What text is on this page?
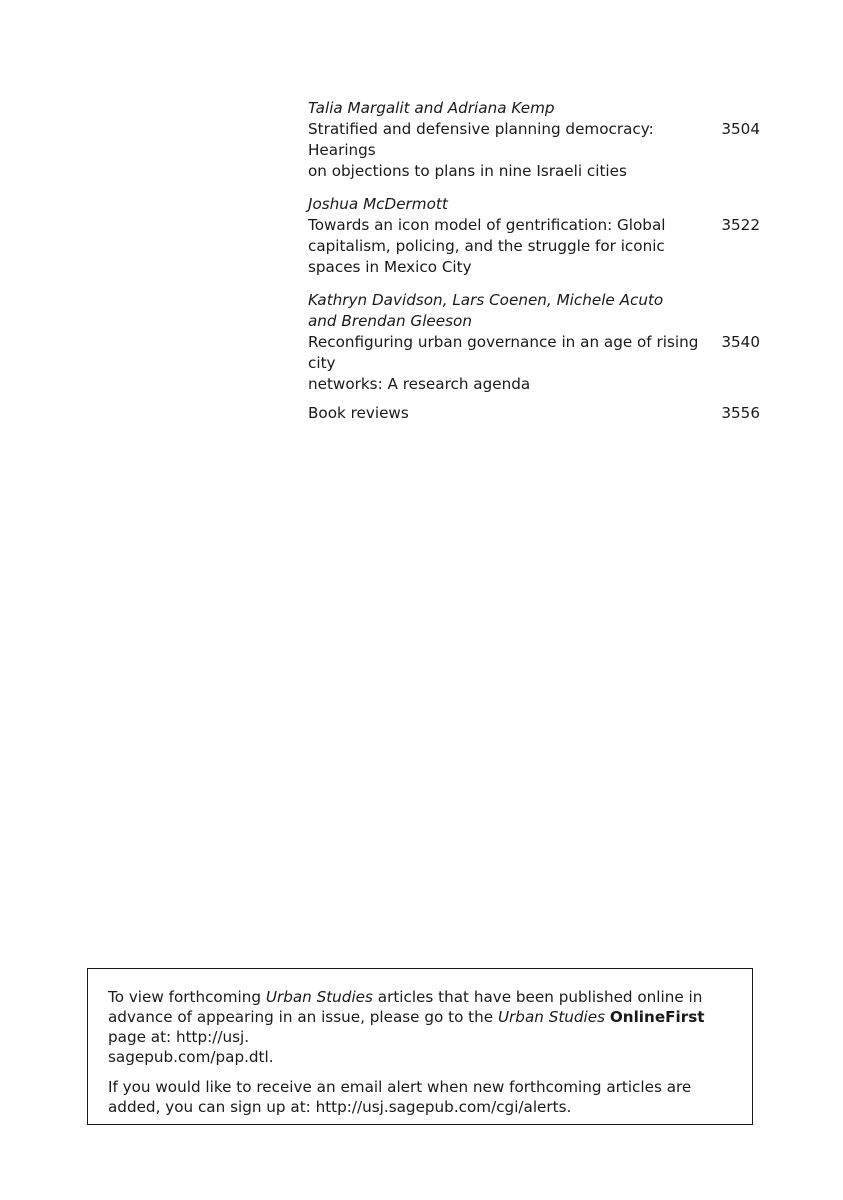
Talia Margalit and Adriana Kemp
Stratified and defensive planning democracy: Hearings
on objections to plans in nine Israeli cities
3504
Joshua McDermott
Towards an icon model of gentrification: Global
capitalism, policing, and the struggle for iconic
spaces in Mexico City
3522
Kathryn Davidson, Lars Coenen, Michele Acuto
and Brendan Gleeson
Reconfiguring urban governance in an age of rising city
networks: A research agenda
3540
Book reviews	3556

To view forthcoming Urban Studies articles that have been published online in advance of appearing in an issue, please go to the Urban Studies OnlineFirst page at: http://usj.
sagepub.com/pap.dtl.

If you would like to receive an email alert when new forthcoming articles are added, you can sign up at: http://usj.sagepub.com/cgi/alerts.
